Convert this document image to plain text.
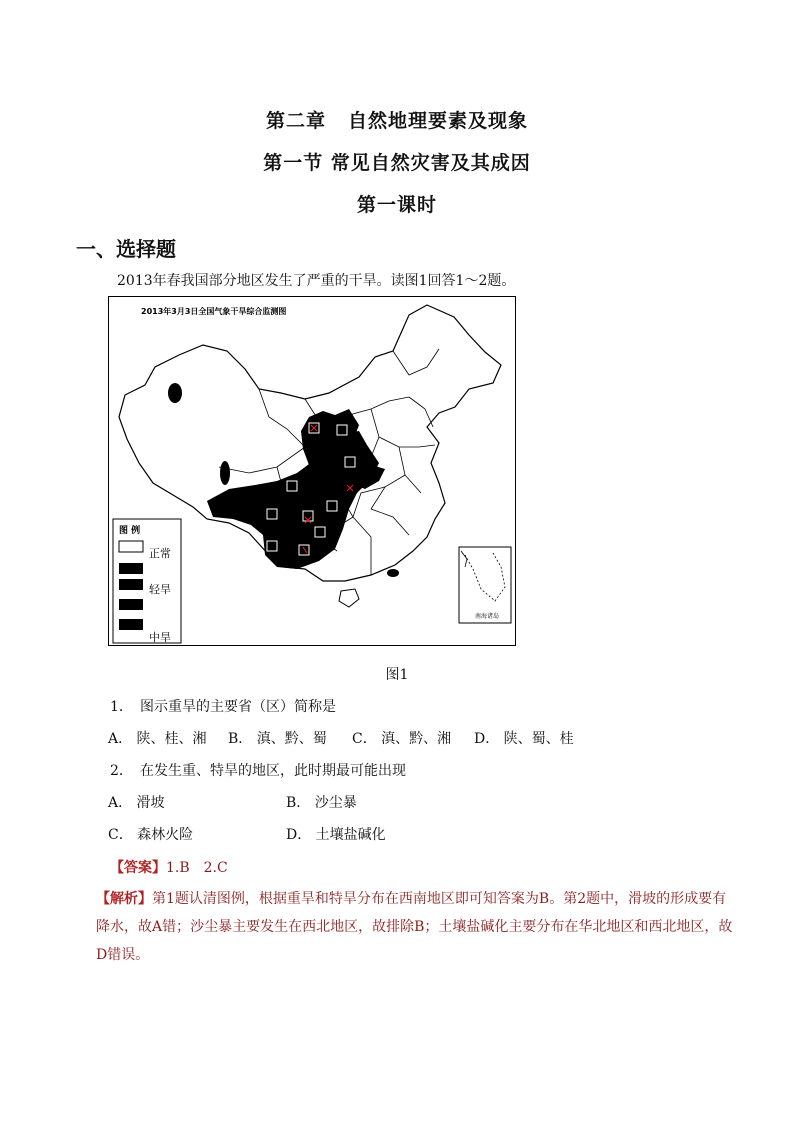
第二章 自然地理要素及现象
第一节 常见自然灾害及其成因
第一课时
一、选择题
2013年春我国部分地区发生了严重的干旱。读图1回答1～2题。
2013年3月3日全国气象干旱综合监测图
图 例
正常
轻旱
中旱
南海诸岛
图1
1． 图示重旱的主要省（区）简称是
A． 陕、桂、湘 B． 滇、黔、蜀 C． 滇、黔、湘 D． 陕、蜀、桂
2． 在发生重、特旱的地区，此时期最可能出现
A． 滑坡	B． 沙尘暴
C． 森林火险	D． 土壤盐碱化
【答案】1.B　2.C
【解析】第1题认清图例，根据重旱和特旱分布在西南地区即可知答案为B。第2题中，滑坡的形成要有降水，故A错；沙尘暴主要发生在西北地区，故排除B；土壤盐碱化主要分布在华北地区和西北地区，故D错误。
